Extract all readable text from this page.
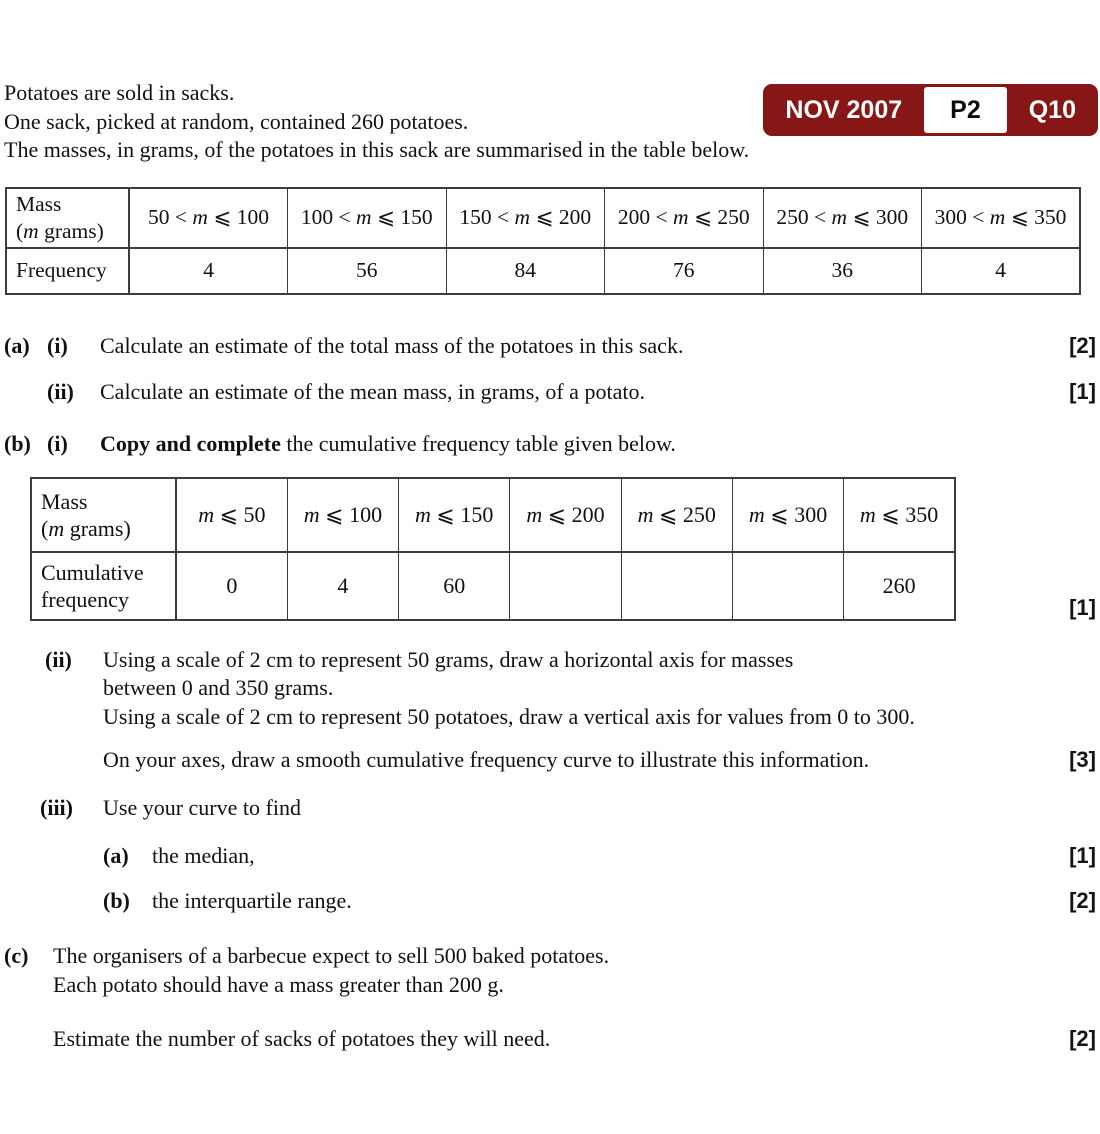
NOV 2007	P2	Q10
Potatoes are sold in sacks.
One sack, picked at random, contained 260 potatoes.
The masses, in grams, of the potatoes in this sack are summarised in the table below.
Mass
(m grams)	50 < m ⩽ 100	100 < m ⩽ 150	150 < m ⩽ 200	200 < m ⩽ 250	250 < m ⩽ 300	300 < m ⩽ 350
Frequency	4	56	84	76	36	4
(a) (i)	Calculate an estimate of the total mass of the potatoes in this sack.	[2]
(ii)	Calculate an estimate of the mean mass, in grams, of a potato.	[1]
(b) (i)	Copy and complete the cumulative frequency table given below.
Mass
(m grams)	m ⩽ 50	m ⩽ 100	m ⩽ 150	m ⩽ 200	m ⩽ 250	m ⩽ 300	m ⩽ 350

Cumulative
frequency	0	4	60				260
[1]
(ii)	Using a scale of 2 cm to represent 50 grams, draw a horizontal axis for masses
between 0 and 350 grams.
Using a scale of 2 cm to represent 50 potatoes, draw a vertical axis for values from 0 to 300.
On your axes, draw a smooth cumulative frequency curve to illustrate this information.	[3]
(iii)	Use your curve to find
(a)	the median,	[1]
(b)	the interquartile range.	[2]
(c)	The organisers of a barbecue expect to sell 500 baked potatoes.
Each potato should have a mass greater than 200 g.
Estimate the number of sacks of potatoes they will need.	[2]
